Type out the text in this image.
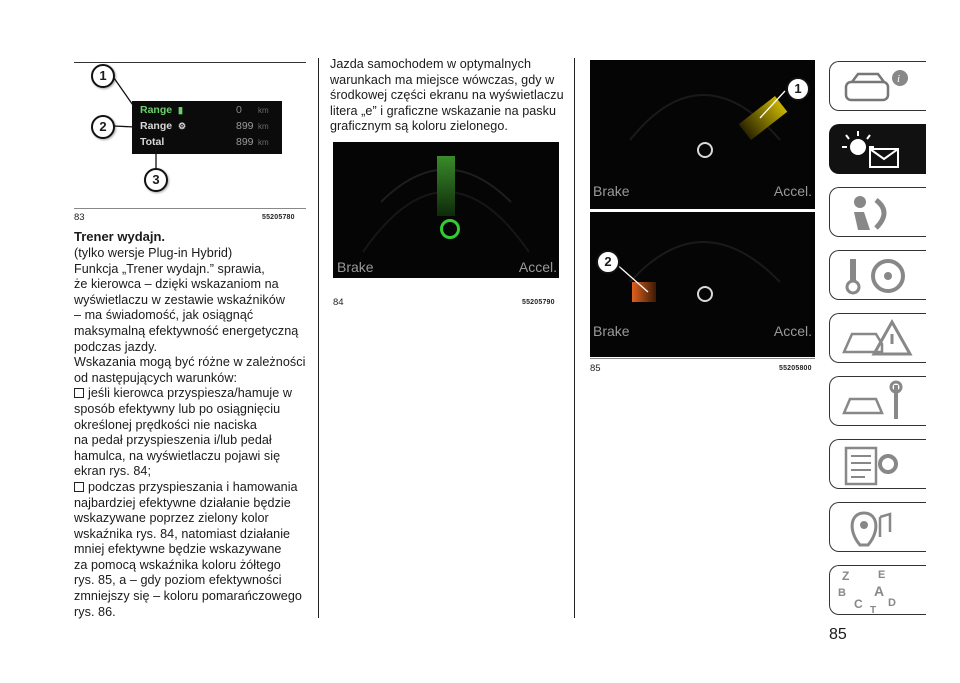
Range ▮	0 km
Range ⚙	899 km
Total	899 km
1
2
3
83	55205780
Trener wydajn.
(tylko wersje Plug-in Hybrid)
Funkcja „Trener wydajn.” sprawia,
że kierowca – dzięki wskazaniom na
wyświetlaczu w zestawie wskaźników
– ma świadomość, jak osiągnąć
maksymalną efektywność energetyczną
podczas jazdy.
Wskazania mogą być różne w zależności
od następujących warunków:
jeśli kierowca przyspiesza/hamuje w
sposób efektywny lub po osiągnięciu
określonej prędkości nie naciska
na pedał przyspieszenia i/lub pedał
hamulca, na wyświetlaczu pojawi się
ekran rys. 84;
podczas przyspieszania i hamowania
najbardziej efektywne działanie będzie
wskazywane poprzez zielony kolor
wskaźnika rys. 84, natomiast działanie
mniej efektywne będzie wskazywane
za pomocą wskaźnika koloru żółtego
rys. 85, a – gdy poziom efektywności
zmniejszy się – koloru pomarańczowego
rys. 86.
Jazda samochodem w optymalnych
warunkach ma miejsce wówczas, gdy w
środkowej części ekranu na wyświetlaczu
litera „e” i graficzne wskazanie na pasku
graficznym są koloru zielonego.
Brake	Accel.
84	55205790
Brake	Accel.
Brake	Accel.
1
2
85	55205800
i
Z	E
B A
C D
T
85
